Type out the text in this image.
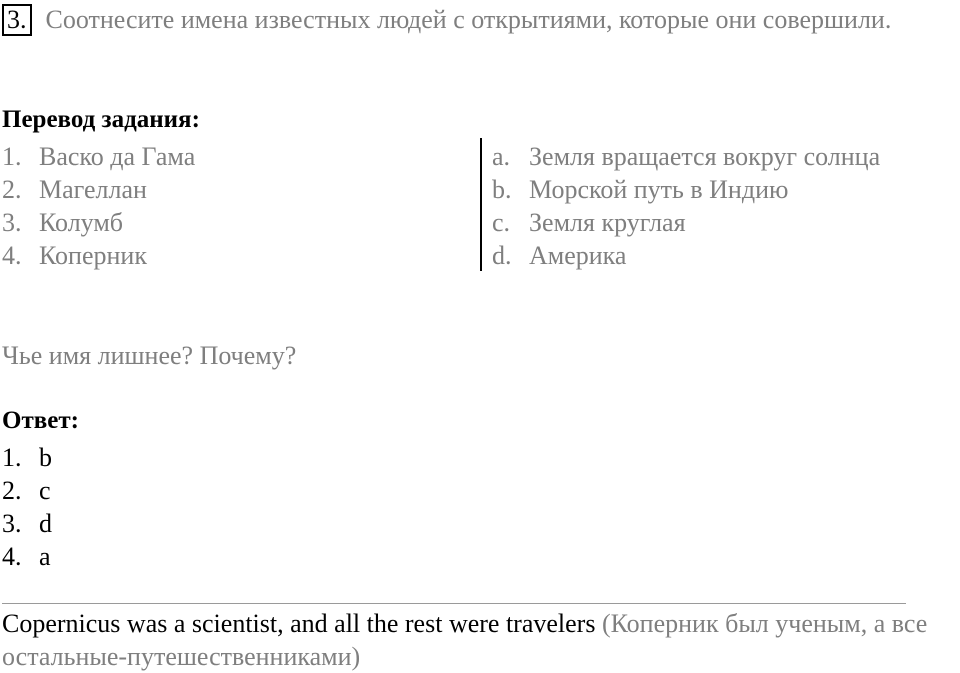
3. Соотнесите имена известных людей с открытиями, которые они совершили.
Перевод задания:
1. Васко да Гама
2. Магеллан
3. Колумб
4. Коперник
a. Земля вращается вокруг солнца
b. Морской путь в Индию
c. Земля круглая
d. Америка
Чье имя лишнее? Почему?
Ответ:
1. b
2. c
3. d
4. a
Copernicus was a scientist, and all the rest were travelers (Коперник был ученым, а все остальные-путешественниками)
